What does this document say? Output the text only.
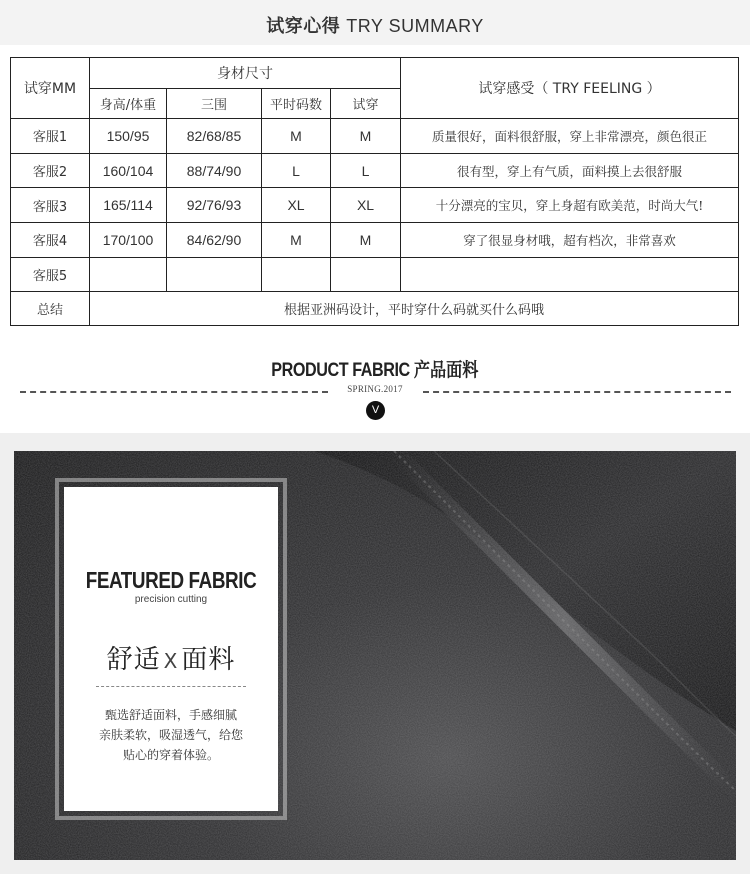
试穿心得 TRY SUMMARY
试穿MM	身材尺寸				试穿感受（ TRY FEELING ）
	身高/体重	三围	平时码数	试穿	
客服1	150/95	82/68/85	M	M	质量很好，面料很舒服，穿上非常漂亮，颜色很正
客服2	160/104	88/74/90	L	L	很有型，穿上有气质，面料摸上去很舒服
客服3	165/114	92/76/93	XL	XL	十分漂亮的宝贝，穿上身超有欧美范，时尚大气!
客服4	170/100	84/62/90	M	M	穿了很显身材哦，超有档次，非常喜欢
客服5					
总结	根据亚洲码设计，平时穿什么码就买什么码哦				
PRODUCT FABRIC 产品面料
SPRING.2017
V
FEATURED FABRIC
precision cutting
舒适 X 面料
甄选舒适面料，手感细腻
亲肤柔软，吸湿透气，给您
贴心的穿着体验。
